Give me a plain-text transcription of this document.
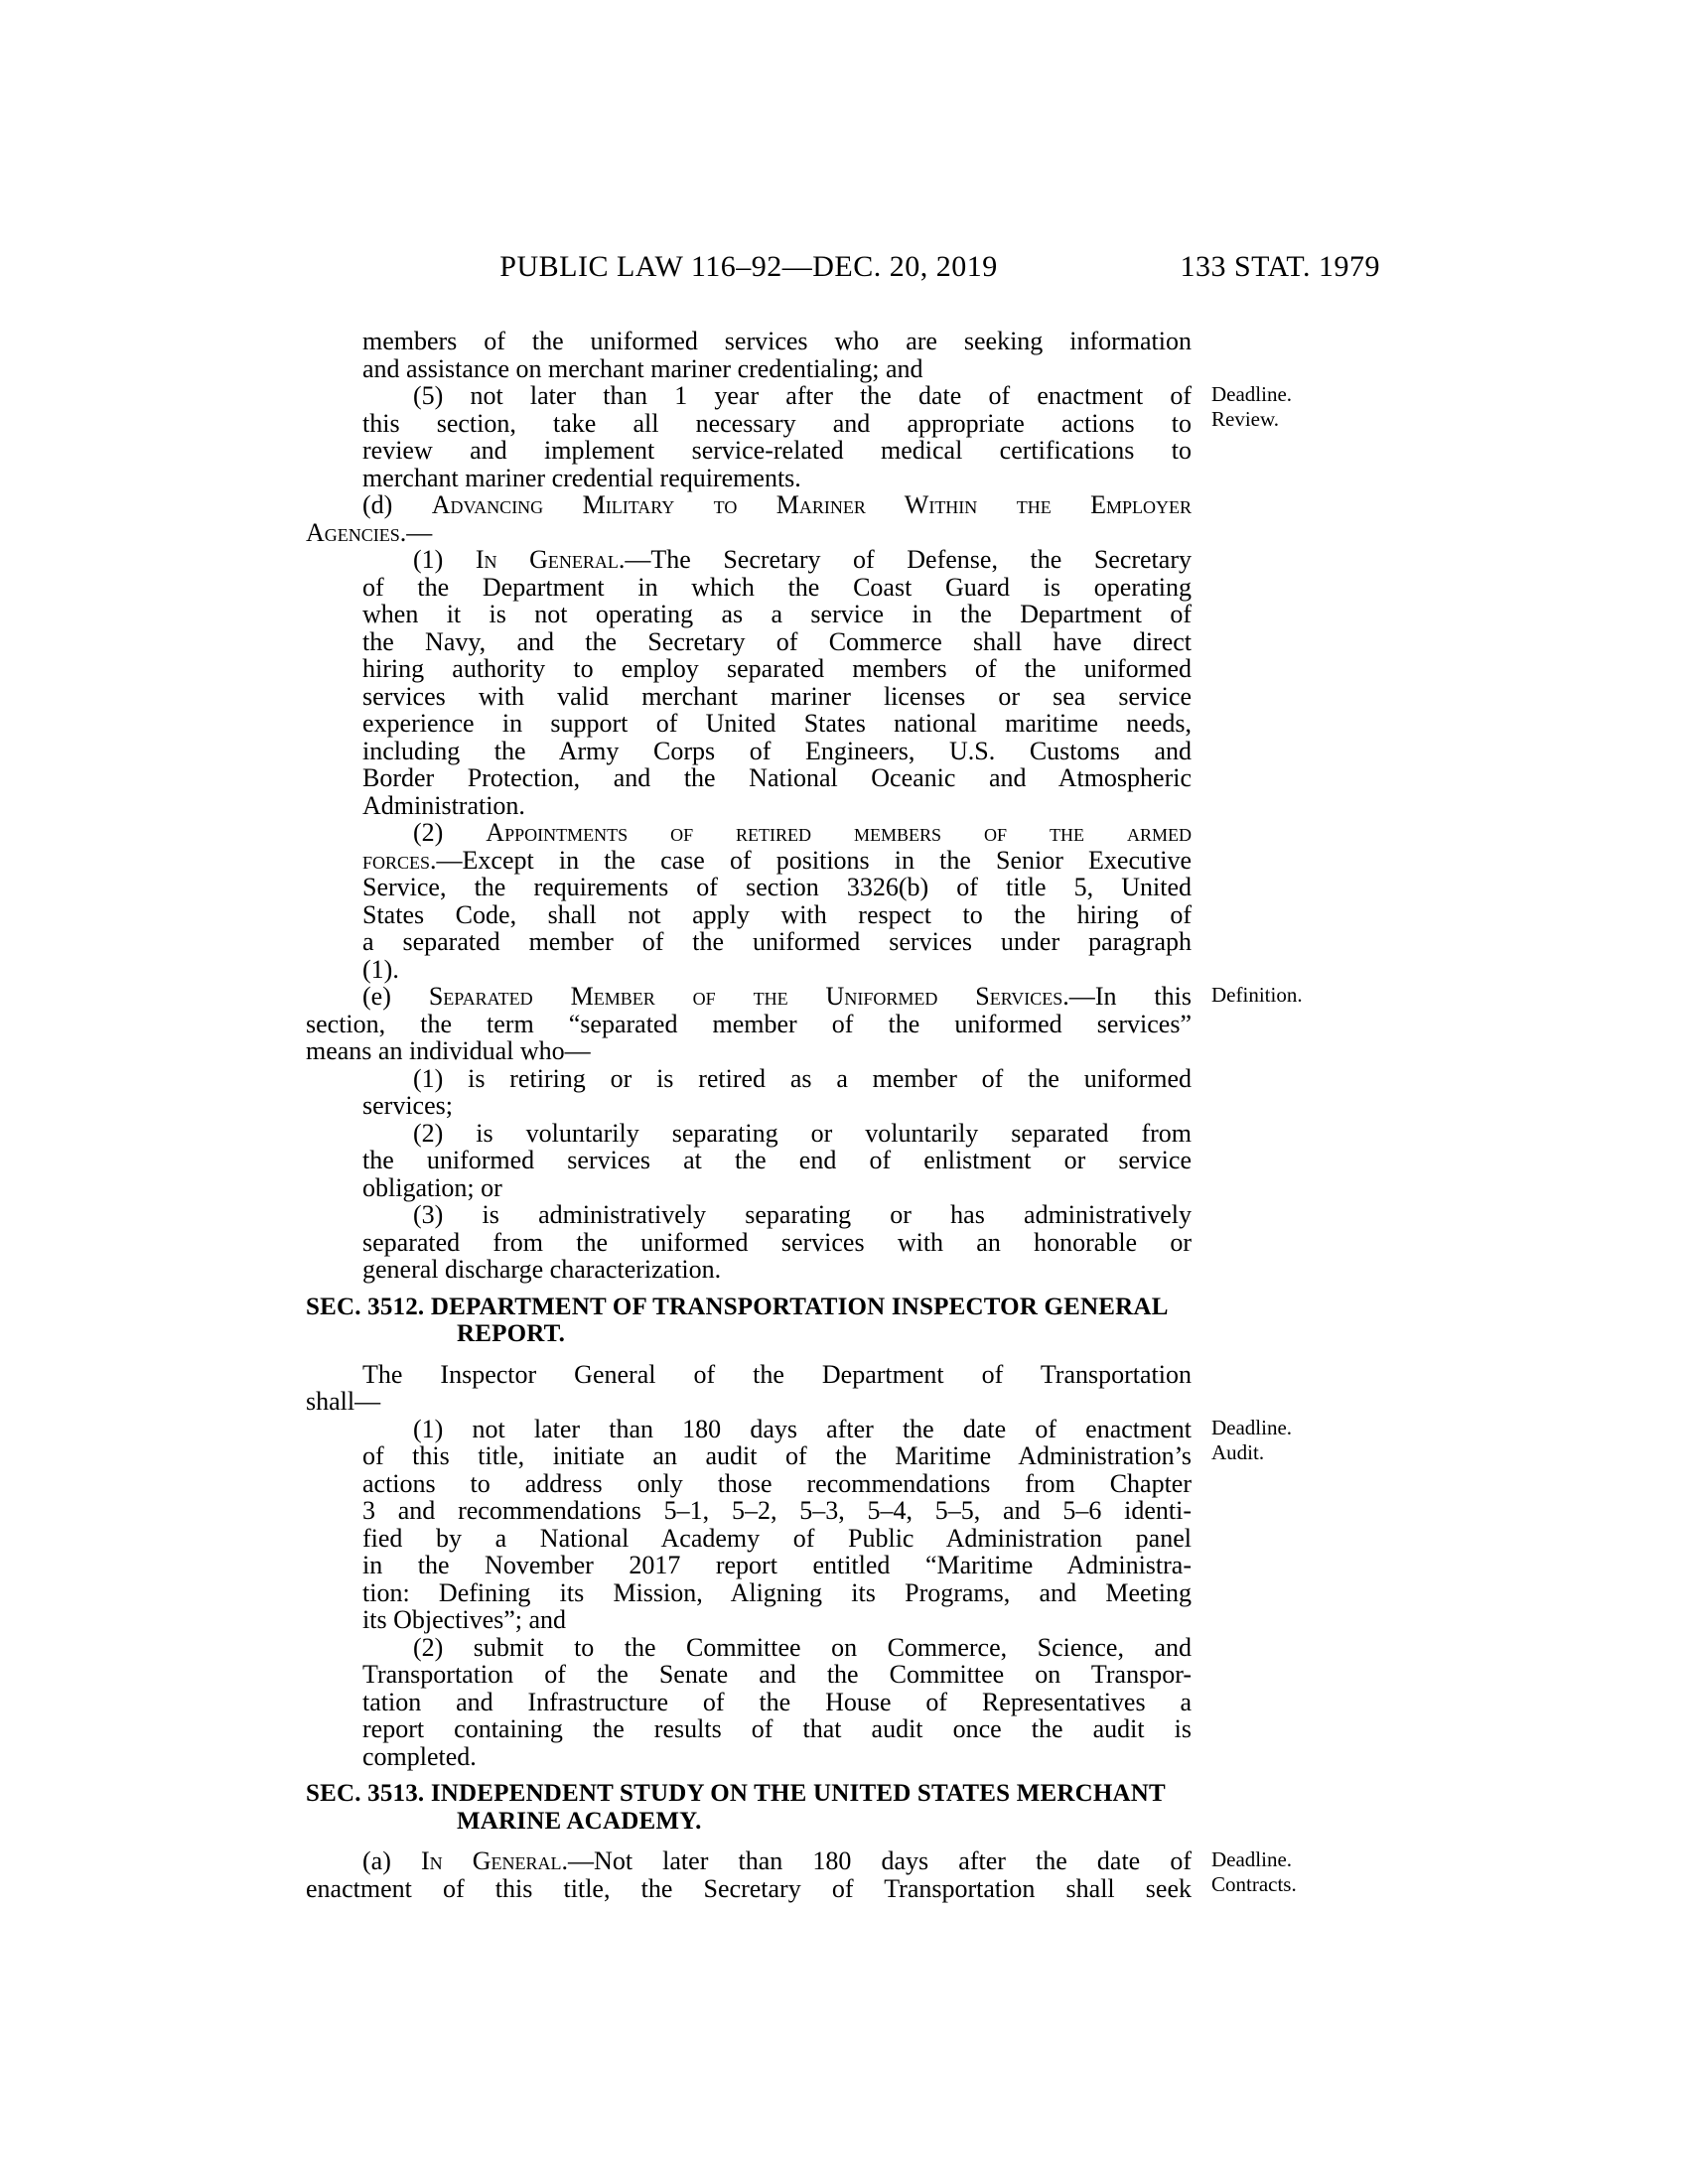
PUBLIC LAW 116–92—DEC. 20, 2019	133 STAT. 1979
members of the uniformed services who are seeking information
and assistance on merchant mariner credentialing; and
(5) not later than 1 year after the date of enactment of
this section, take all necessary and appropriate actions to
review and implement service-related medical certifications to
merchant mariner credential requirements.
(d) Advancing Military to Mariner Within the Employer
Agencies.—
(1) In General.—The Secretary of Defense, the Secretary
of the Department in which the Coast Guard is operating
when it is not operating as a service in the Department of
the Navy, and the Secretary of Commerce shall have direct
hiring authority to employ separated members of the uniformed
services with valid merchant mariner licenses or sea service
experience in support of United States national maritime needs,
including the Army Corps of Engineers, U.S. Customs and
Border Protection, and the National Oceanic and Atmospheric
Administration.
(2) Appointments of retired members of the armed
forces.—Except in the case of positions in the Senior Executive
Service, the requirements of section 3326(b) of title 5, United
States Code, shall not apply with respect to the hiring of
a separated member of the uniformed services under paragraph
(1).
(e) Separated Member of the Uniformed Services.—In this
section, the term “separated member of the uniformed services”
means an individual who—
(1) is retiring or is retired as a member of the uniformed
services;
(2) is voluntarily separating or voluntarily separated from
the uniformed services at the end of enlistment or service
obligation; or
(3) is administratively separating or has administratively
separated from the uniformed services with an honorable or
general discharge characterization.
SEC. 3512. DEPARTMENT OF TRANSPORTATION INSPECTOR GENERAL
REPORT.
The Inspector General of the Department of Transportation
shall—
(1) not later than 180 days after the date of enactment
of this title, initiate an audit of the Maritime Administration’s
actions to address only those recommendations from Chapter
3 and recommendations 5–1, 5–2, 5–3, 5–4, 5–5, and 5–6 identi-
fied by a National Academy of Public Administration panel
in the November 2017 report entitled “Maritime Administra-
tion: Defining its Mission, Aligning its Programs, and Meeting
its Objectives”; and
(2) submit to the Committee on Commerce, Science, and
Transportation of the Senate and the Committee on Transpor-
tation and Infrastructure of the House of Representatives a
report containing the results of that audit once the audit is
completed.
SEC. 3513. INDEPENDENT STUDY ON THE UNITED STATES MERCHANT
MARINE ACADEMY.
(a) In General.—Not later than 180 days after the date of
enactment of this title, the Secretary of Transportation shall seek
Deadline.
Review.
Definition.
Deadline.
Audit.
Deadline.
Contracts.
